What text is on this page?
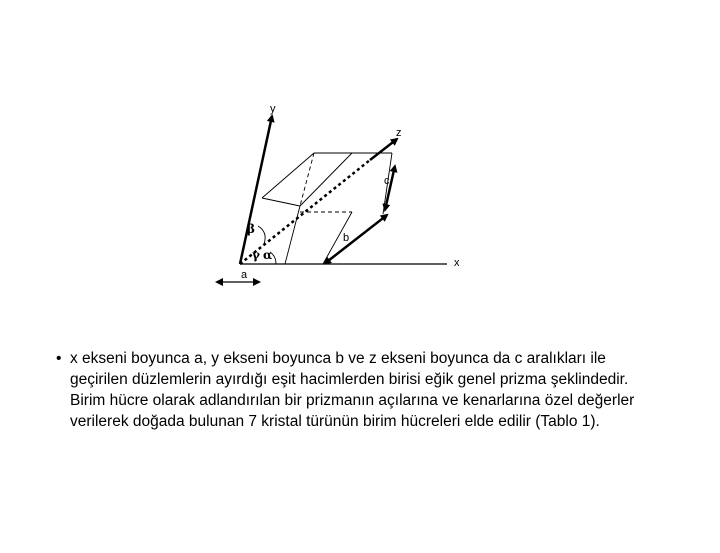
y
z
c
b
x
a
β
γ α
• x ekseni boyunca a, y ekseni boyunca b ve z ekseni boyunca da c aralıkları ile geçirilen düzlemlerin ayırdığı eşit hacimlerden birisi eğik genel prizma şeklindedir. Birim hücre olarak adlandırılan bir prizmanın açılarına ve kenarlarına özel değerler verilerek doğada bulunan 7 kristal türünün birim hücreleri elde edilir (Tablo 1).
